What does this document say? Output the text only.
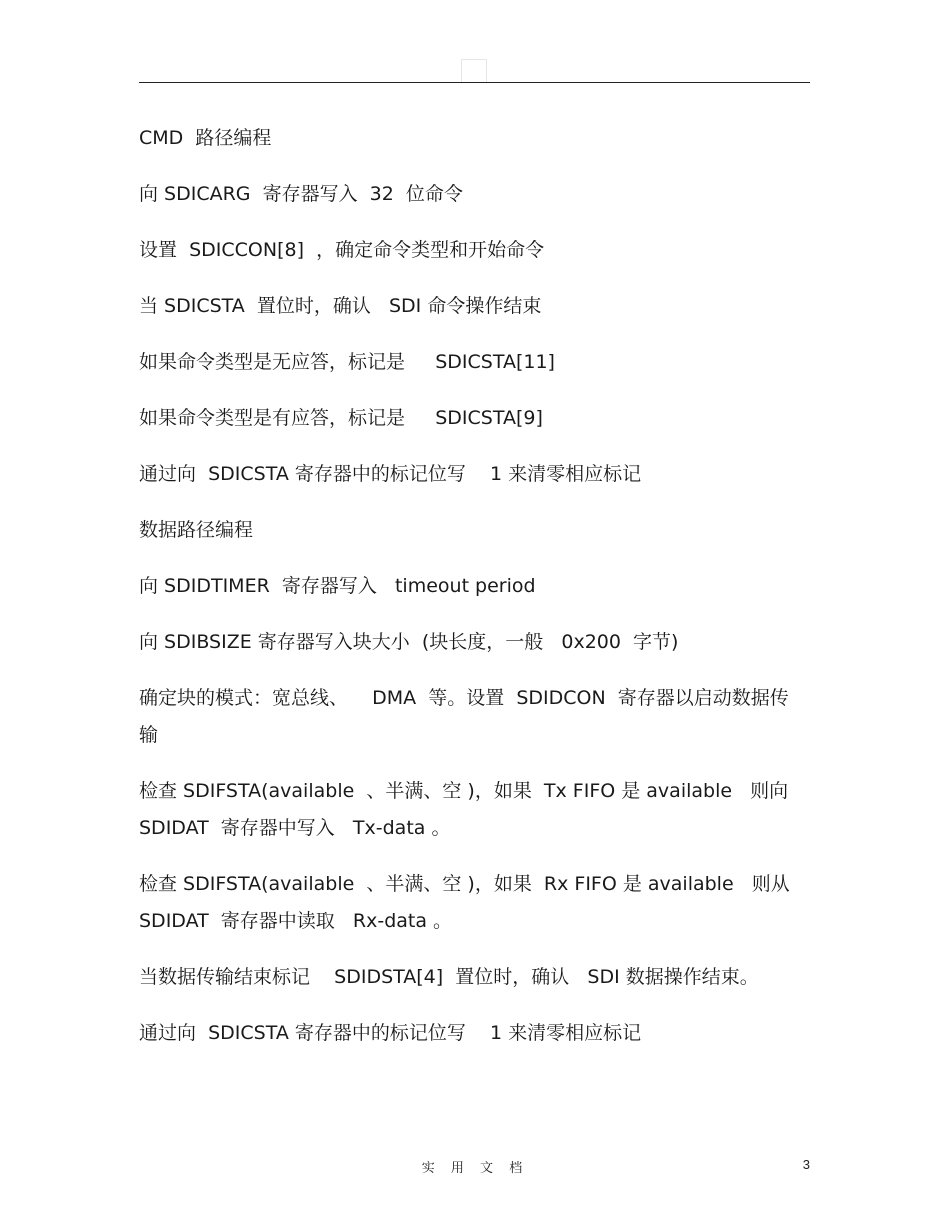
CMD  路径编程

向 SDICARG  寄存器写入  32  位命令

设置  SDICCON[8]  ，确定命令类型和开始命令

当 SDICSTA  置位时，确认   SDI 命令操作结束

如果命令类型是无应答，标记是     SDICSTA[11]

如果命令类型是有应答，标记是     SDICSTA[9]

通过向  SDICSTA 寄存器中的标记位写    1 来清零相应标记

数据路径编程

向 SDIDTIMER  寄存器写入   timeout period

向 SDIBSIZE 寄存器写入块大小  (块长度，一般   0x200  字节)

确定块的模式：宽总线、    DMA  等。设置  SDIDCON  寄存器以启动数据传输

检查 SDIFSTA(available  、半满、空 )，如果  Tx FIFO 是 available   则向 SDIDAT  寄存器中写入   Tx-data 。

检查 SDIFSTA(available  、半满、空 )，如果  Rx FIFO 是 available   则从 SDIDAT  寄存器中读取   Rx-data 。

当数据传输结束标记    SDIDSTA[4]  置位时，确认   SDI 数据操作结束。

通过向  SDICSTA 寄存器中的标记位写    1 来清零相应标记

实 用 文 档	3
